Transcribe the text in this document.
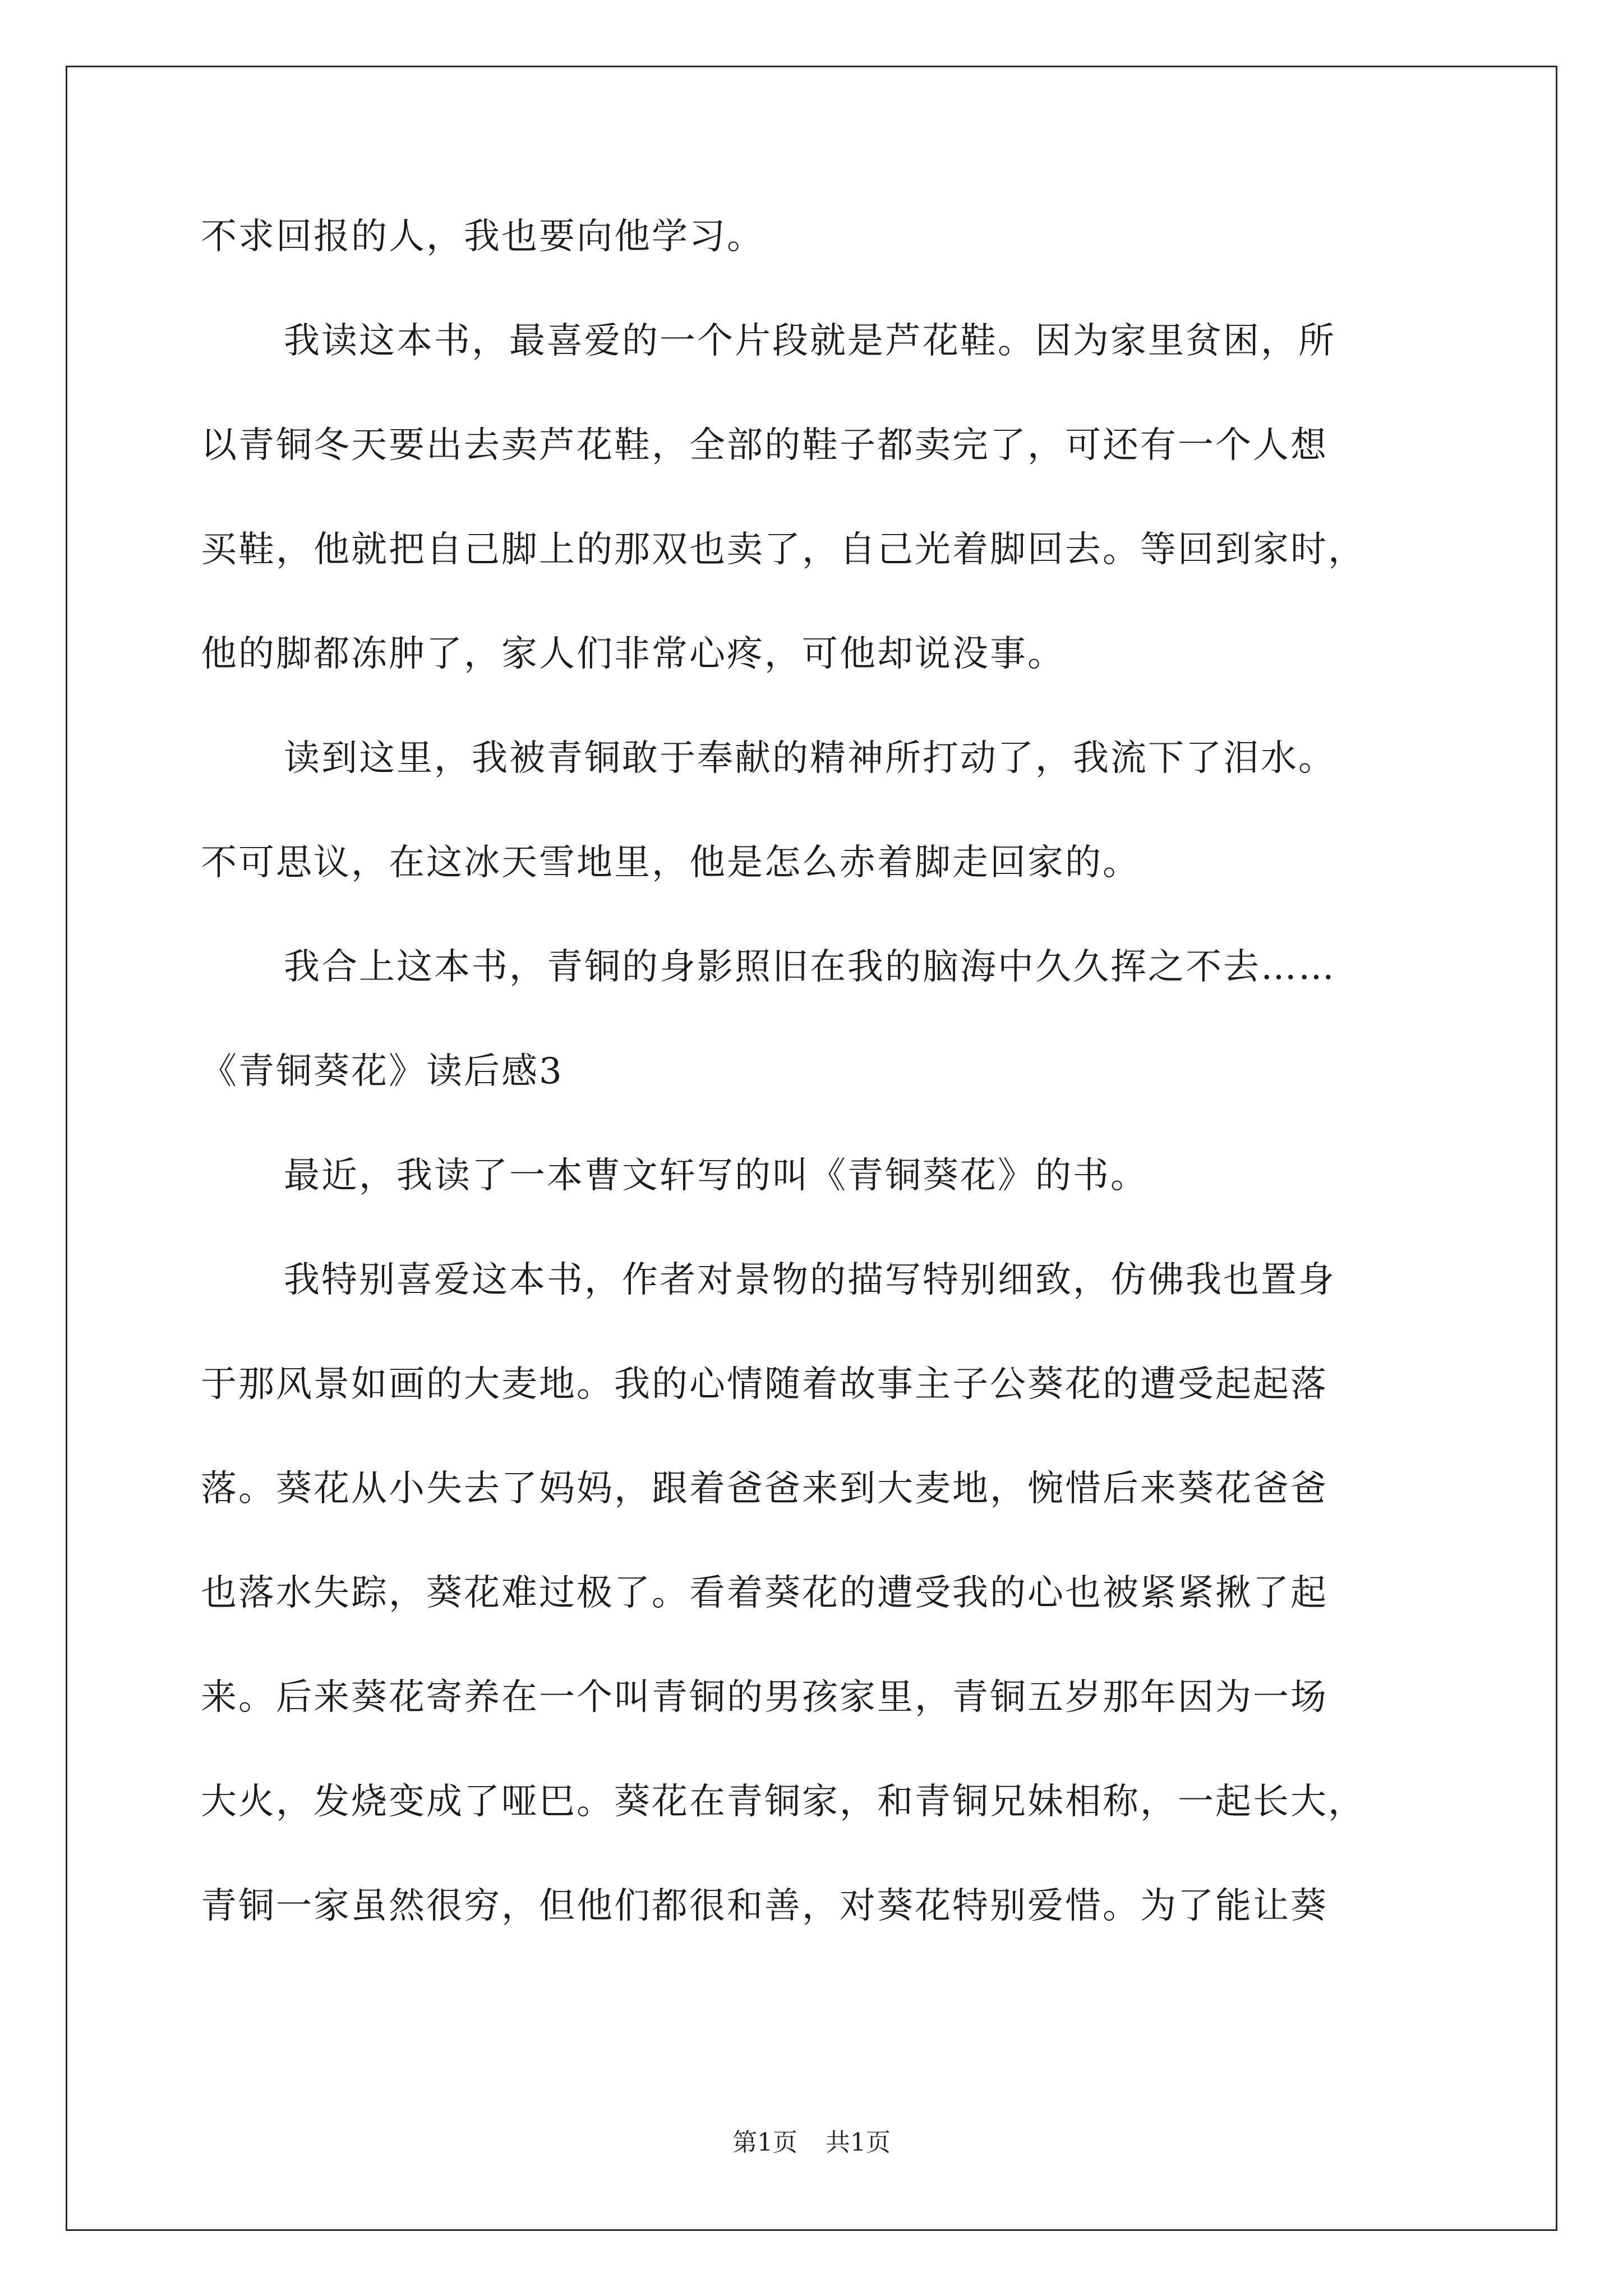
不求回报的人，我也要向他学习。
我读这本书，最喜爱的一个片段就是芦花鞋。因为家里贫困，所
以青铜冬天要出去卖芦花鞋，全部的鞋子都卖完了，可还有一个人想
买鞋，他就把自己脚上的那双也卖了，自己光着脚回去。等回到家时，
他的脚都冻肿了，家人们非常心疼，可他却说没事。
读到这里，我被青铜敢于奉献的精神所打动了，我流下了泪水。
不可思议，在这冰天雪地里，他是怎么赤着脚走回家的。
我合上这本书，青铜的身影照旧在我的脑海中久久挥之不去……
《青铜葵花》读后感3
最近，我读了一本曹文轩写的叫《青铜葵花》的书。
我特别喜爱这本书，作者对景物的描写特别细致，仿佛我也置身
于那风景如画的大麦地。我的心情随着故事主子公葵花的遭受起起落
落。葵花从小失去了妈妈，跟着爸爸来到大麦地，惋惜后来葵花爸爸
也落水失踪，葵花难过极了。看着葵花的遭受我的心也被紧紧揪了起
来。后来葵花寄养在一个叫青铜的男孩家里，青铜五岁那年因为一场
大火，发烧变成了哑巴。葵花在青铜家，和青铜兄妹相称，一起长大，
青铜一家虽然很穷，但他们都很和善，对葵花特别爱惜。为了能让葵
第1页 共1页
